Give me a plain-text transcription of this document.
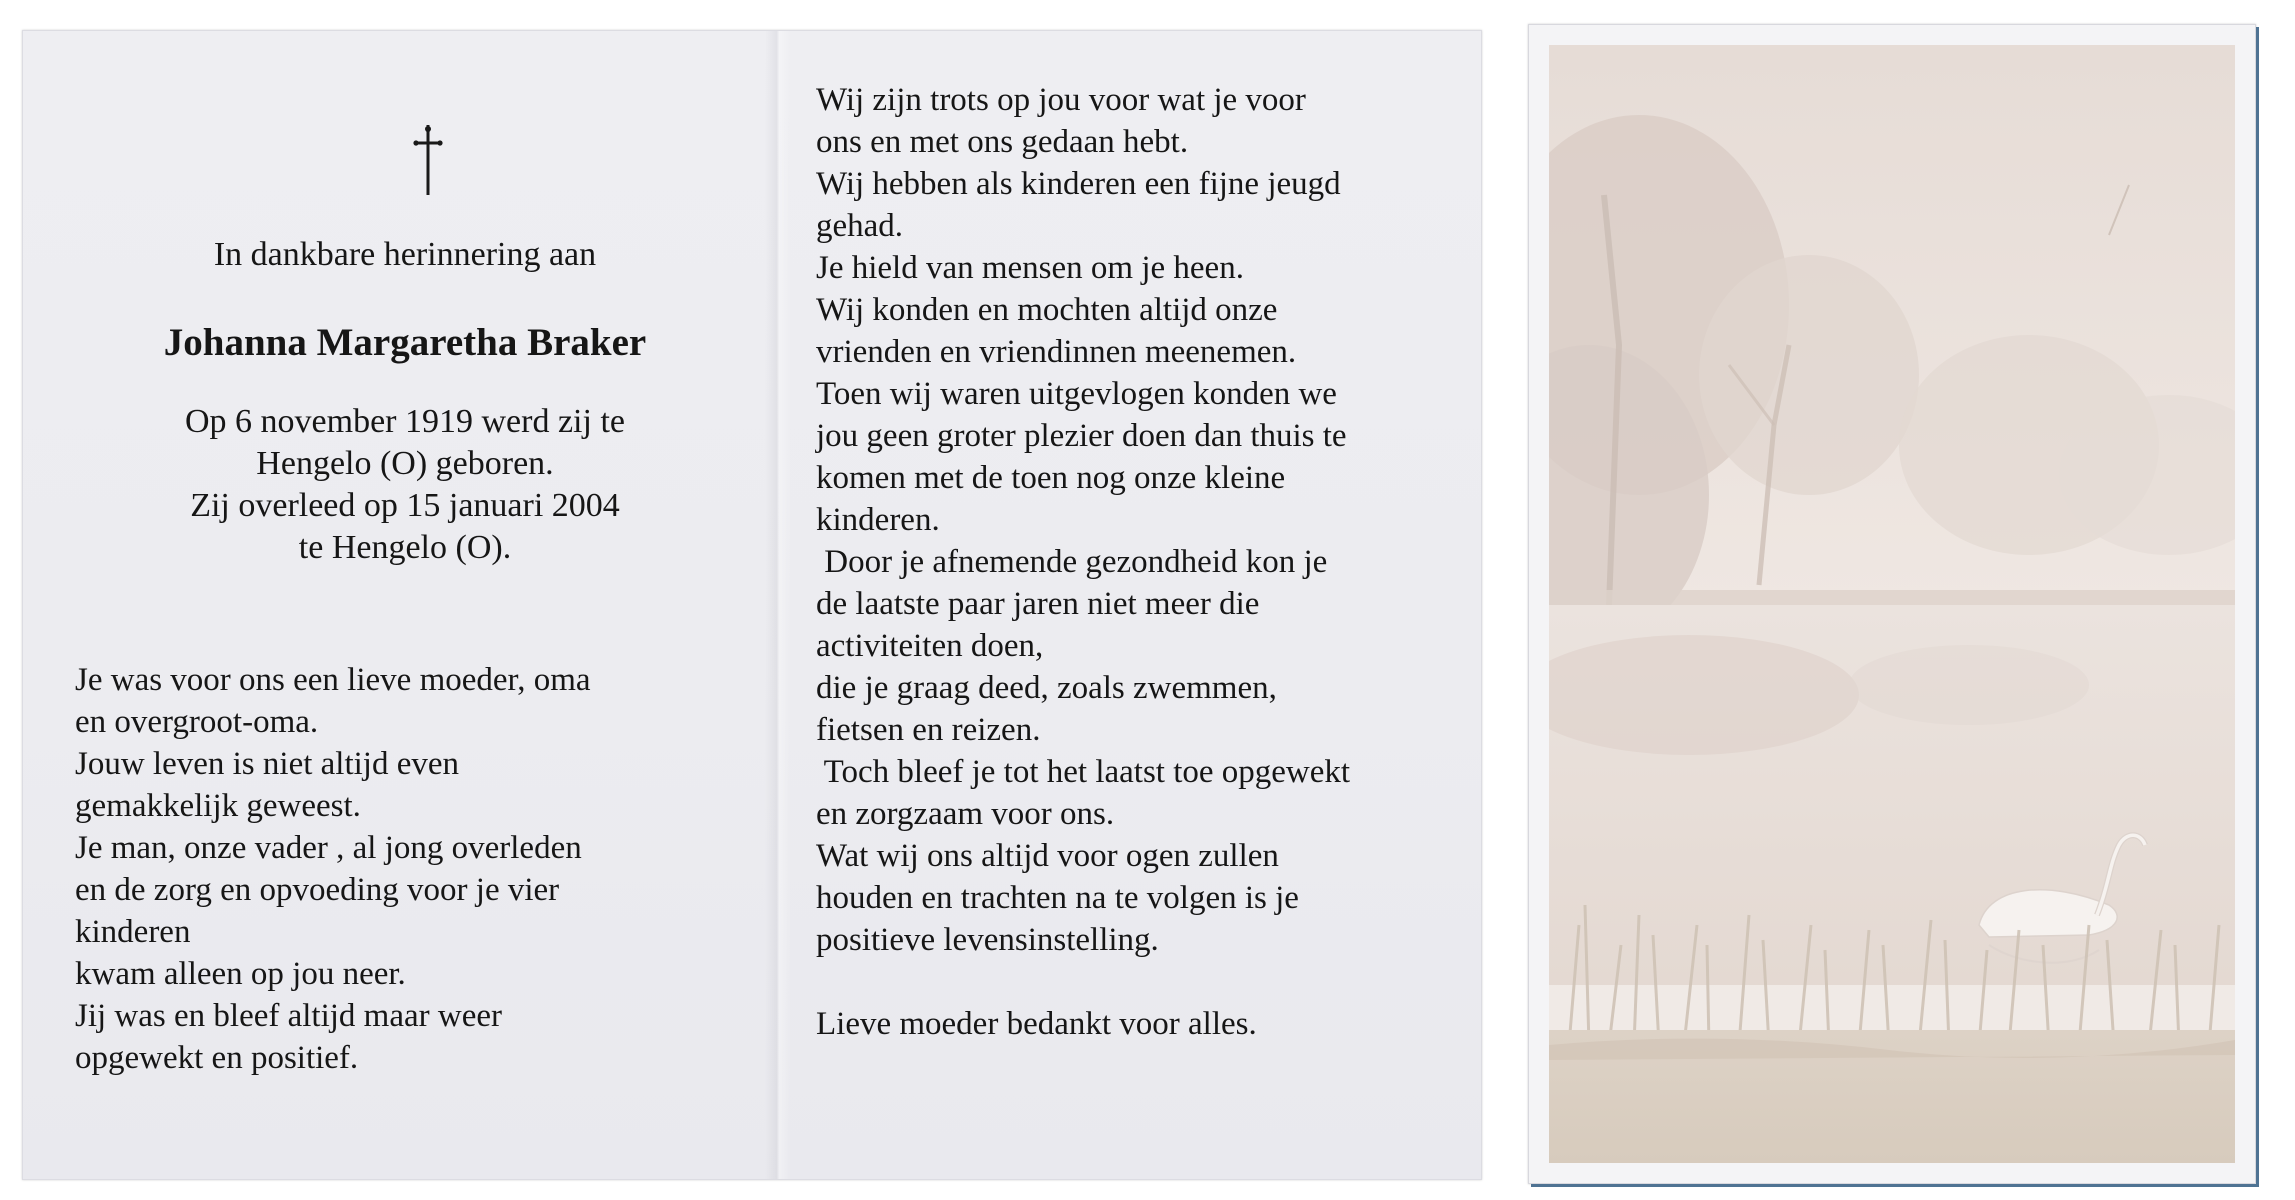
In dankbare herinnering aan
Johanna Margaretha Braker
Op 6 november 1919 werd zij te
Hengelo (O) geboren.
Zij overleed op 15 januari 2004
te Hengelo (O).
Je was voor ons een lieve moeder, oma
en overgroot-oma.
Jouw leven is niet altijd even
gemakkelijk geweest.
Je man, onze vader , al jong overleden
en de zorg en opvoeding voor je vier
kinderen
kwam alleen op jou neer.
Jij was en bleef altijd maar weer
opgewekt en positief.
Wij zijn trots op jou voor wat je voor
ons en met ons gedaan hebt.
Wij hebben als kinderen een fijne jeugd
gehad.
Je hield van mensen om je heen.
Wij konden en mochten altijd onze
vrienden en vriendinnen meenemen.
Toen wij waren uitgevlogen konden we
jou geen groter plezier doen dan thuis te
komen met de toen nog onze kleine
kinderen.
Door je afnemende gezondheid kon je
de laatste paar jaren niet meer die
activiteiten doen,
die je graag deed, zoals zwemmen,
fietsen en reizen.
Toch bleef je tot het laatst toe opgewekt
en zorgzaam voor ons.
Wat wij ons altijd voor ogen zullen
houden en trachten na te volgen is je
positieve levensinstelling.
Lieve moeder bedankt voor alles.
